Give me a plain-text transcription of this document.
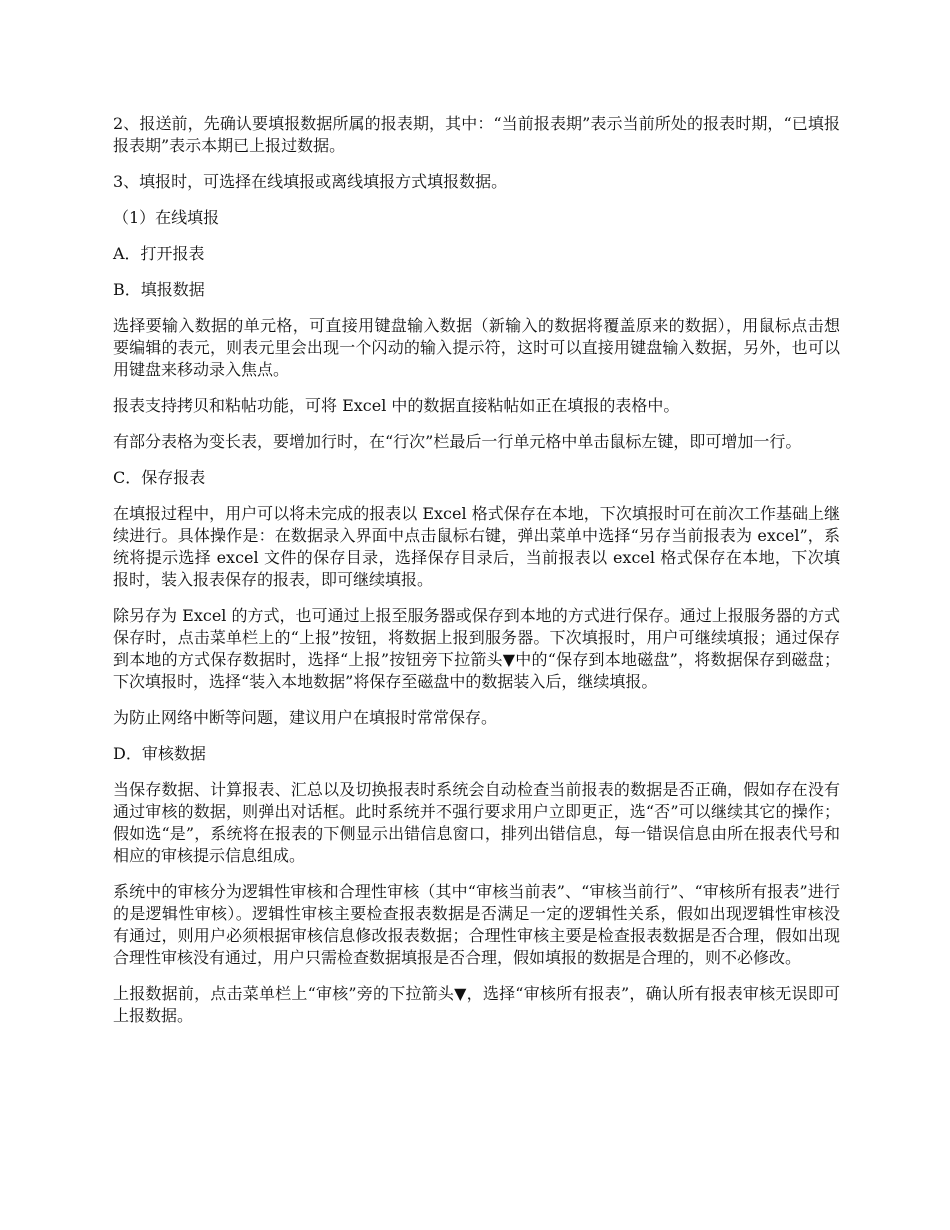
2、报送前，先确认要填报数据所属的报表期，其中：“当前报表期”表示当前所处的报表时期，“已填报报表期”表示本期已上报过数据。

3、填报时，可选择在线填报或离线填报方式填报数据。

（1）在线填报

A．打开报表

B．填报数据

选择要输入数据的单元格，可直接用键盘输入数据（新输入的数据将覆盖原来的数据），用鼠标点击想要编辑的表元，则表元里会出现一个闪动的输入提示符，这时可以直接用键盘输入数据，另外，也可以用键盘来移动录入焦点。

报表支持拷贝和粘帖功能，可将 Excel 中的数据直接粘帖如正在填报的表格中。

有部分表格为变长表，要增加行时，在“行次”栏最后一行单元格中单击鼠标左键，即可增加一行。

C．保存报表

在填报过程中，用户可以将未完成的报表以 Excel 格式保存在本地，下次填报时可在前次工作基础上继续进行。具体操作是：在数据录入界面中点击鼠标右键，弹出菜单中选择“另存当前报表为 excel”，系统将提示选择 excel 文件的保存目录，选择保存目录后，当前报表以 excel 格式保存在本地，下次填报时，装入报表保存的报表，即可继续填报。

除另存为 Excel 的方式，也可通过上报至服务器或保存到本地的方式进行保存。通过上报服务器的方式保存时，点击菜单栏上的“上报”按钮，将数据上报到服务器。下次填报时，用户可继续填报；通过保存到本地的方式保存数据时，选择“上报”按钮旁下拉箭头▼中的“保存到本地磁盘”，将数据保存到磁盘；下次填报时，选择“装入本地数据”将保存至磁盘中的数据装入后，继续填报。

为防止网络中断等问题，建议用户在填报时常常保存。

D．审核数据

当保存数据、计算报表、汇总以及切换报表时系统会自动检查当前报表的数据是否正确，假如存在没有通过审核的数据，则弹出对话框。此时系统并不强行要求用户立即更正，选“否”可以继续其它的操作；假如选“是”，系统将在报表的下侧显示出错信息窗口，排列出错信息，每一错误信息由所在报表代号和相应的审核提示信息组成。

系统中的审核分为逻辑性审核和合理性审核（其中“审核当前表”、“审核当前行”、“审核所有报表”进行的是逻辑性审核）。逻辑性审核主要检查报表数据是否满足一定的逻辑性关系，假如出现逻辑性审核没有通过，则用户必须根据审核信息修改报表数据；合理性审核主要是检查报表数据是否合理，假如出现合理性审核没有通过，用户只需检查数据填报是否合理，假如填报的数据是合理的，则不必修改。

上报数据前，点击菜单栏上“审核”旁的下拉箭头▼，选择“审核所有报表”，确认所有报表审核无误即可上报数据。
